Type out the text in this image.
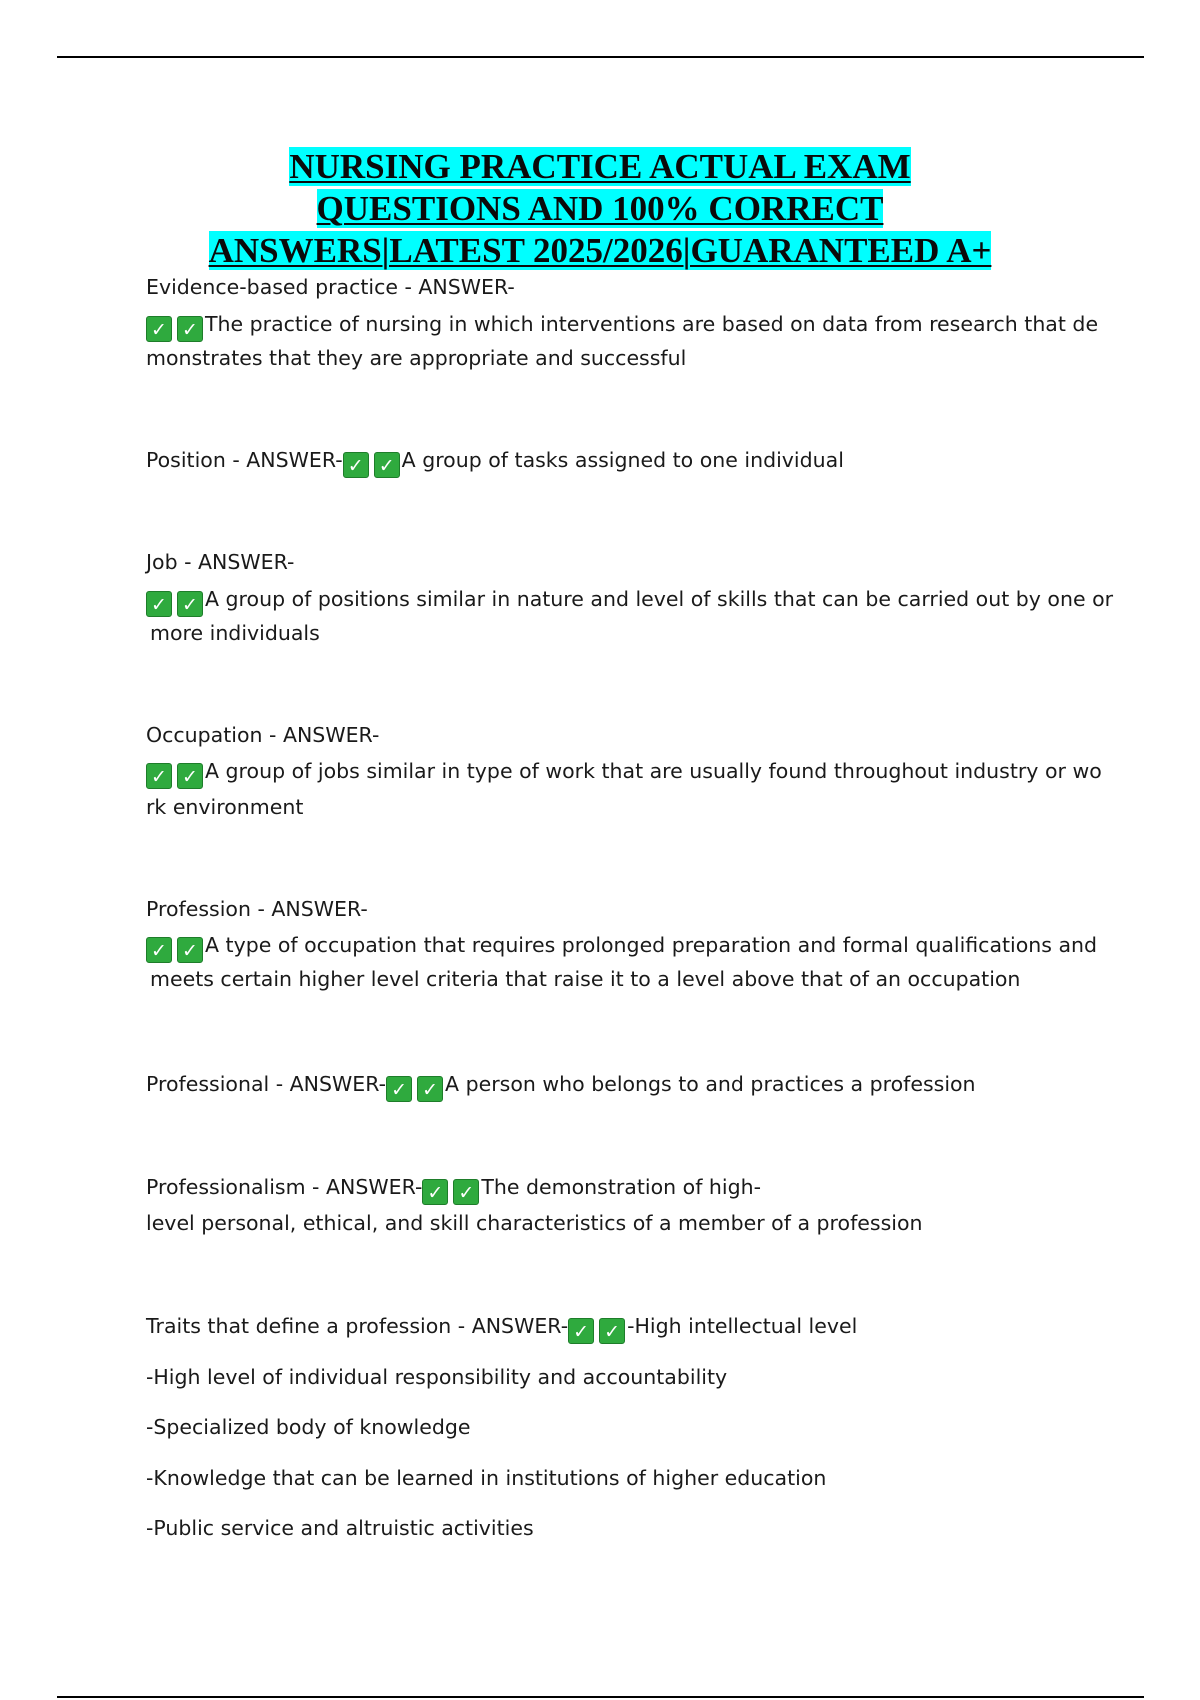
NURSING PRACTICE ACTUAL EXAM
QUESTIONS AND 100% CORRECT
ANSWERS|LATEST 2025/2026|GUARANTEED A+
Evidence-based practice - ANSWER-
✓ ✓ The practice of nursing in which interventions are based on data from research that de
monstrates that they are appropriate and successful
Position - ANSWER- ✓ ✓ A group of tasks assigned to one individual
Job - ANSWER-
✓ ✓ A group of positions similar in nature and level of skills that can be carried out by one or
more individuals
Occupation - ANSWER-
✓ ✓ A group of jobs similar in type of work that are usually found throughout industry or wo
rk environment
Profession - ANSWER-
✓ ✓ A type of occupation that requires prolonged preparation and formal qualifications and
meets certain higher level criteria that raise it to a level above that of an occupation
Professional - ANSWER- ✓ ✓ A person who belongs to and practices a profession
Professionalism - ANSWER- ✓ ✓ The demonstration of high-
level personal, ethical, and skill characteristics of a member of a profession
Traits that define a profession - ANSWER- ✓ ✓ -High intellectual level
-High level of individual responsibility and accountability
-Specialized body of knowledge
-Knowledge that can be learned in institutions of higher education
-Public service and altruistic activities
